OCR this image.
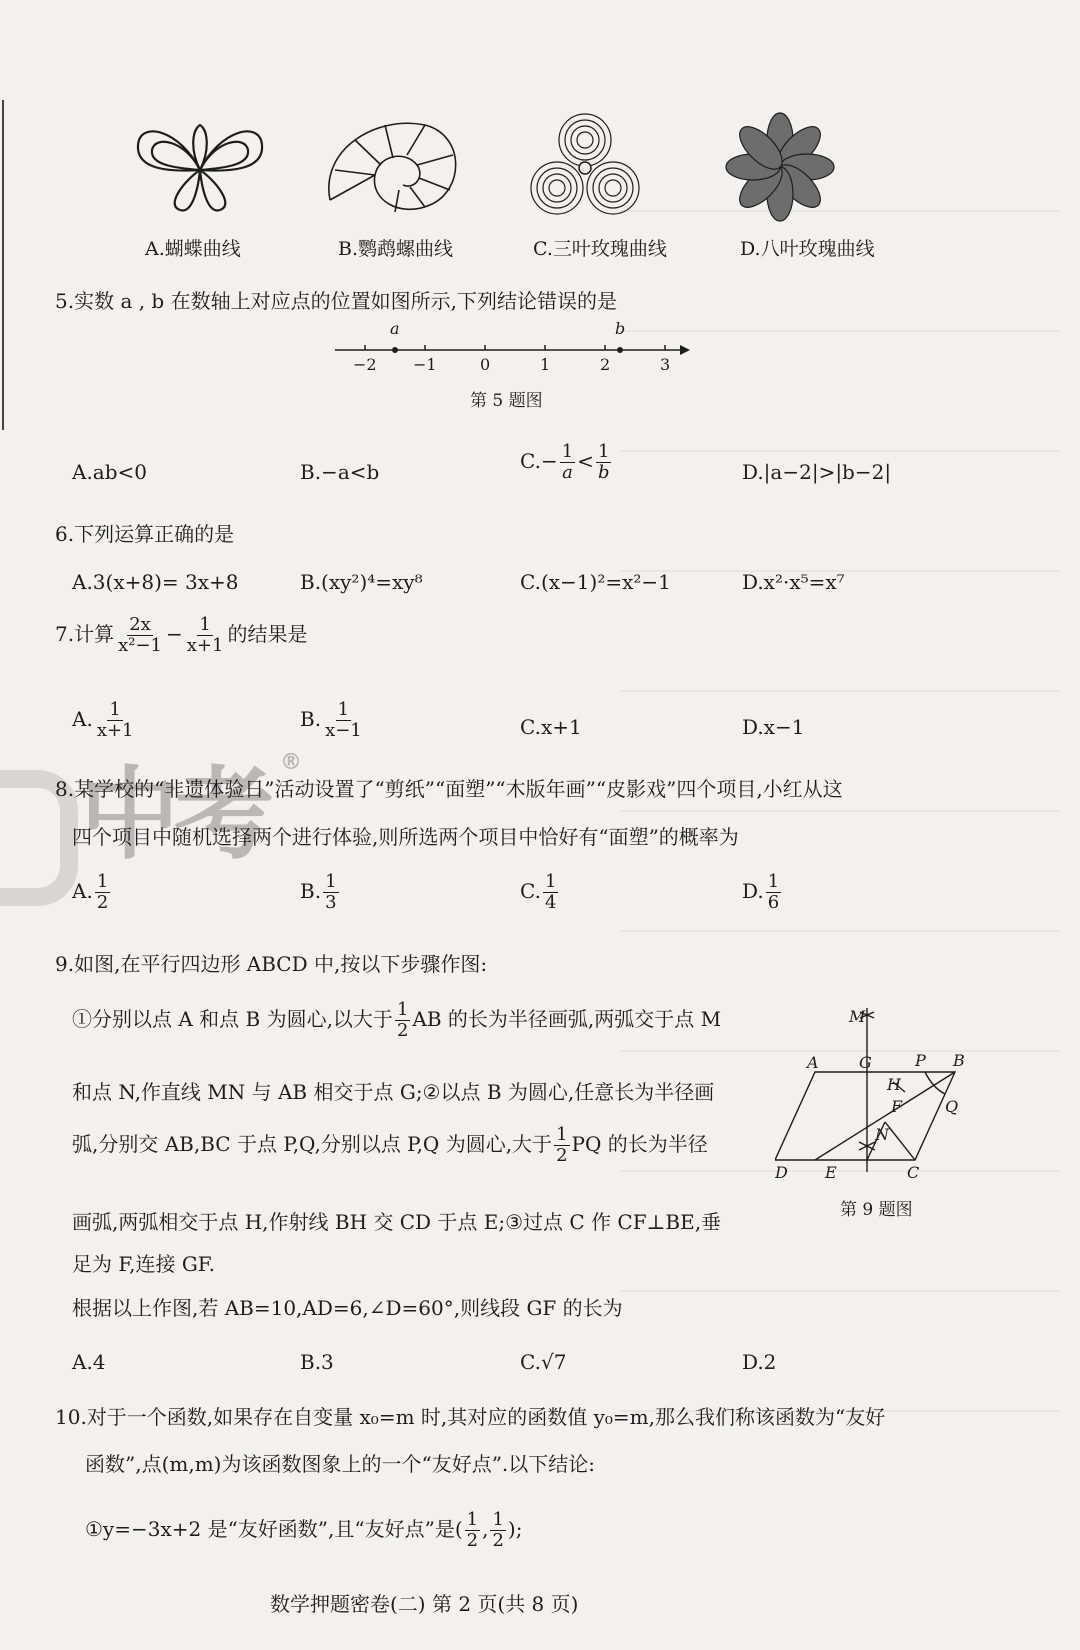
A.蝴蝶曲线	B.鹦鹉螺曲线	C.三叶玫瑰曲线	D.八叶玫瑰曲线
5.实数 a , b 在数轴上对应点的位置如图所示,下列结论错误的是
a	b
−2 −1	0	1	2	3
第 5 题图
A.ab<0	B.−a<b	$C.- \frac{1}{a} < \frac{1}{b}$	D.|a−2|>|b−2|
6.下列运算正确的是
A.3(x+8)= 3x+8	B.(xy²)⁴=xy⁸	C.(x−1)²=x²−1	D.x²·x⁵=x⁷
7.计算 $\frac{2x}{\text{x²−1}} - \frac{1}{x+1}$ 的结果是
A. $\frac{1}{x+1}$	B. $\frac{1}{x-1}$	C.x+1	D.x−1
中考 ®
8.某学校的“非遗体验日”活动设置了“剪纸”“面塑”“木版年画”“皮影戏”四个项目,小红从这
四个项目中随机选择两个进行体验,则所选两个项目中恰好有“面塑”的概率为
A. $\frac{1}{2}$	B. $\frac{1}{3}$	C. $\frac{1}{4}$	D. $\frac{1}{6}$
9.如图,在平行四边形 ABCD 中,按以下步骤作图:
①分别以点 A 和点 B 为圆心,以大于 $\frac{1}{2}$ AB 的长为半径画弧,两弧交于点 M
和点 N,作直线 MN 与 AB 相交于点 G;②以点 B 为圆心,任意长为半径画
弧,分别交 AB,BC 于点 P,Q,分别以点 P,Q 为圆心,大于 $\frac{1}{2}$ PQ 的长为半径
画弧,两弧相交于点 H,作射线 BH 交 CD 于点 E;③过点 C 作 CF⊥BE,垂
足为 F,连接 GF.
根据以上作图,若 AB=10,AD=6,∠D=60°,则线段 GF 的长为
M
A	G	P B
H
F	Q
N
D E	C
第 9 题图
A.4	B.3	C.√7	D.2
10.对于一个函数,如果存在自变量 x₀=m 时,其对应的函数值 y₀=m,那么我们称该函数为“友好
函数”,点(m,m)为该函数图象上的一个“友好点”.以下结论:
①y=−3x+2 是“友好函数”,且“友好点”是( $\frac{1}{2}$ , $\frac{1}{2}$ );
数学押题密卷(二) 第 2 页(共 8 页)
